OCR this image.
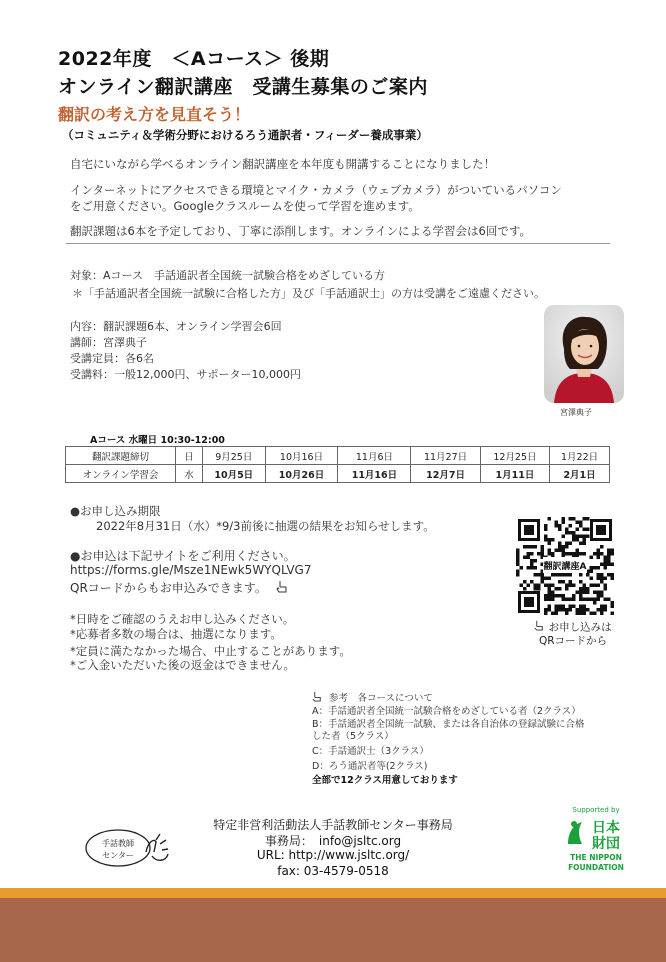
2022年度　＜Aコース＞ 後期
オンライン翻訳講座　受講生募集のご案内
翻訳の考え方を見直そう！
（コミュニティ＆学術分野におけるろう通訳者・フィーダー養成事業）
自宅にいながら学べるオンライン翻訳講座を本年度も開講することになりました！
インターネットにアクセスできる環境とマイク・カメラ（ウェブカメラ）がついているパソコン
をご用意ください。Googleクラスルームを使って学習を進めます。
翻訳課題は6本を予定しており、丁寧に添削します。オンラインによる学習会は6回です。
対象：Aコース　手話通訳者全国統一試験合格をめざしている方
＊「手話通訳者全国統一試験に合格した方」及び「手話通訳士」の方は受講をご遠慮ください。
内容：翻訳課題6本、オンライン学習会6回
講師：宮澤典子
受講定員：各6名
受講料：一般12,000円、サポーター10,000円
宮澤典子
Aコース 水曜日 10:30-12:00
翻訳課題締切	日	9月25日	10月16日	11月6日	11月27日	12月25日	1月22日
オンライン学習会	水	10月5日	10月26日	11月16日	12月7日	1月11日	2月1日
●お申し込み期限
2022年8月31日（水）*9/3前後に抽選の結果をお知らせします。
●お申込は下記サイトをご利用ください。
https://forms.gle/Msze1NEwk5WYQLVG7
QRコードからもお申込みできます。
*日時をご確認のうえお申し込みください。
*応募者多数の場合は、抽選になります。
*定員に満たなかった場合、中止することがあります。
*ご入金いただいた後の返金はできません。
翻訳講座A
お申し込みは
QRコードから
参考　各コースについて
A：手話通訳者全国統一試験合格をめざしている者（2クラス）
B：手話通訳者全国統一試験、または各自治体の登録試験に合格
した者（5クラス）
C：手話通訳士（3クラス）
D：ろう通訳者等(2クラス)
全部で12クラス用意しております
特定非営利活動法人手話教師センター事務局
事務局：　info@jsltc.org
URL: http://www.jsltc.org/
fax: 03-4579-0518
手話教師
センター
Supported by
日本
財団
THE NIPPON
FOUNDATION
